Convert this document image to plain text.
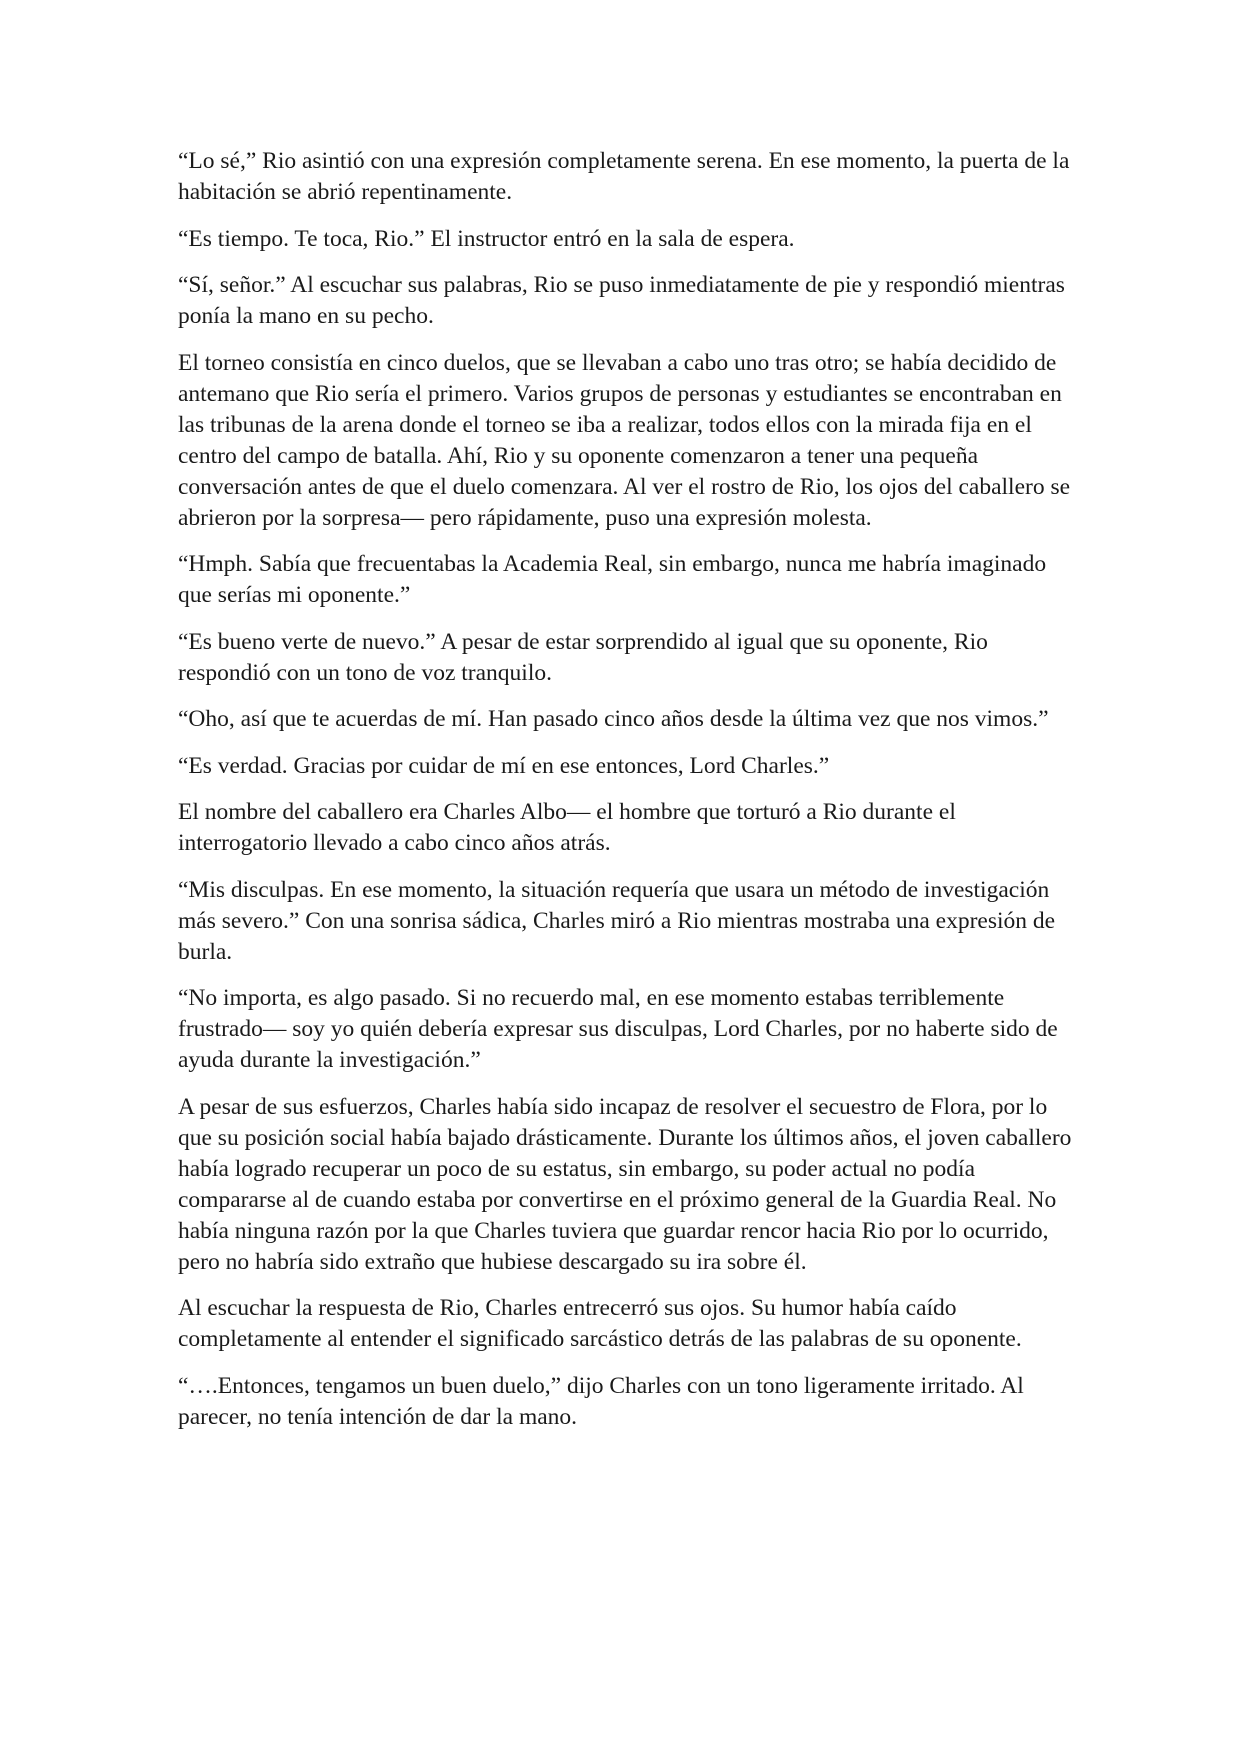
“Lo sé,” Rio asintió con una expresión completamente serena. En ese momento, la puerta de la habitación se abrió repentinamente.

“Es tiempo. Te toca, Rio.” El instructor entró en la sala de espera.

“Sí, señor.” Al escuchar sus palabras, Rio se puso inmediatamente de pie y respondió mientras ponía la mano en su pecho.

El torneo consistía en cinco duelos, que se llevaban a cabo uno tras otro; se había decidido de antemano que Rio sería el primero. Varios grupos de personas y estudiantes se encontraban en las tribunas de la arena donde el torneo se iba a realizar, todos ellos con la mirada fija en el centro del campo de batalla. Ahí, Rio y su oponente comenzaron a tener una pequeña conversación antes de que el duelo comenzara. Al ver el rostro de Rio, los ojos del caballero se abrieron por la sorpresa— pero rápidamente, puso una expresión molesta.

“Hmph. Sabía que frecuentabas la Academia Real, sin embargo, nunca me habría imaginado que serías mi oponente.”

“Es bueno verte de nuevo.” A pesar de estar sorprendido al igual que su oponente, Rio respondió con un tono de voz tranquilo.

“Oho, así que te acuerdas de mí. Han pasado cinco años desde la última vez que nos vimos.”

“Es verdad. Gracias por cuidar de mí en ese entonces, Lord Charles.”

El nombre del caballero era Charles Albo— el hombre que torturó a Rio durante el interrogatorio llevado a cabo cinco años atrás.

“Mis disculpas. En ese momento, la situación requería que usara un método de investigación más severo.” Con una sonrisa sádica, Charles miró a Rio mientras mostraba una expresión de burla.

“No importa, es algo pasado. Si no recuerdo mal, en ese momento estabas terriblemente frustrado— soy yo quién debería expresar sus disculpas, Lord Charles, por no haberte sido de ayuda durante la investigación.”

A pesar de sus esfuerzos, Charles había sido incapaz de resolver el secuestro de Flora, por lo que su posición social había bajado drásticamente. Durante los últimos años, el joven caballero había logrado recuperar un poco de su estatus, sin embargo, su poder actual no podía compararse al de cuando estaba por convertirse en el próximo general de la Guardia Real. No había ninguna razón por la que Charles tuviera que guardar rencor hacia Rio por lo ocurrido, pero no habría sido extraño que hubiese descargado su ira sobre él.

Al escuchar la respuesta de Rio, Charles entrecerró sus ojos. Su humor había caído completamente al entender el significado sarcástico detrás de las palabras de su oponente.

“….Entonces, tengamos un buen duelo,” dijo Charles con un tono ligeramente irritado. Al parecer, no tenía intención de dar la mano.
